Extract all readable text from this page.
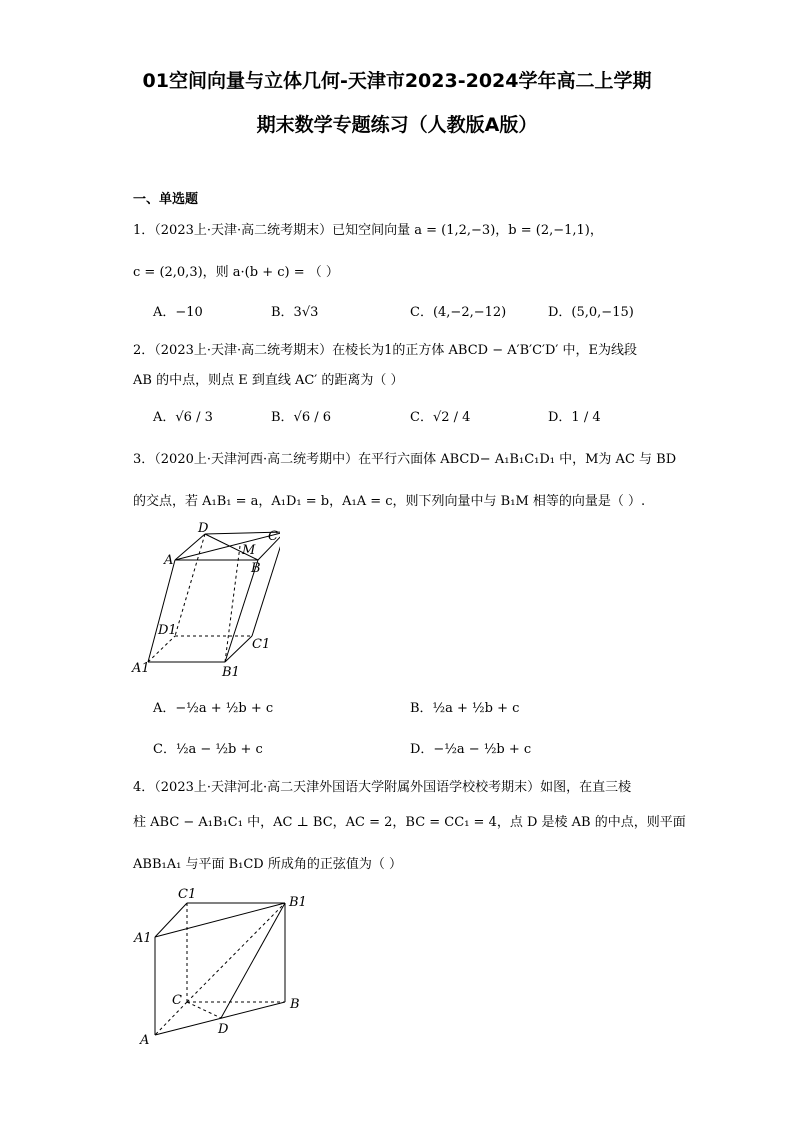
01空间向量与立体几何-天津市2023-2024学年高二上学期
期末数学专题练习（人教版A版）
一、单选题
1．（2023上·天津·高二统考期末）已知空间向量 a = (1,2,−3)，b = (2,−1,1)，
c = (2,0,3)，则 a·(b + c) = （ ）
A．−10	B．3√3	C．(4,−2,−12)	D．(5,0,−15)
2．（2023上·天津·高二统考期末）在棱长为1的正方体 ABCD − A′B′C′D′ 中，E为线段
AB 的中点，则点 E 到直线 AC′ 的距离为（ ）
A．√6 / 3	B．√6 / 6	C．√2 / 4	D．1 / 4
3．（2020上·天津河西·高二统考期中）在平行六面体 ABCD− A₁B₁C₁D₁ 中，M为 AC 与 BD
的交点，若 A₁B₁ = a，A₁D₁ = b，A₁A = c，则下列向量中与 B₁M 相等的向量是（ ）.
D
C
A
M
B
D1
C1
A1	B1
A．−½a + ½b + c	B．½a + ½b + c
C．½a − ½b + c	D．−½a − ½b + c
4．（2023上·天津河北·高二天津外国语大学附属外国语学校校考期末）如图，在直三棱
柱 ABC − A₁B₁C₁ 中，AC ⊥ BC，AC = 2，BC = CC₁ = 4，点 D 是棱 AB 的中点，则平面
ABB₁A₁ 与平面 B₁CD 所成角的正弦值为（ ）
C1
B1
A1
C	B
D
A
